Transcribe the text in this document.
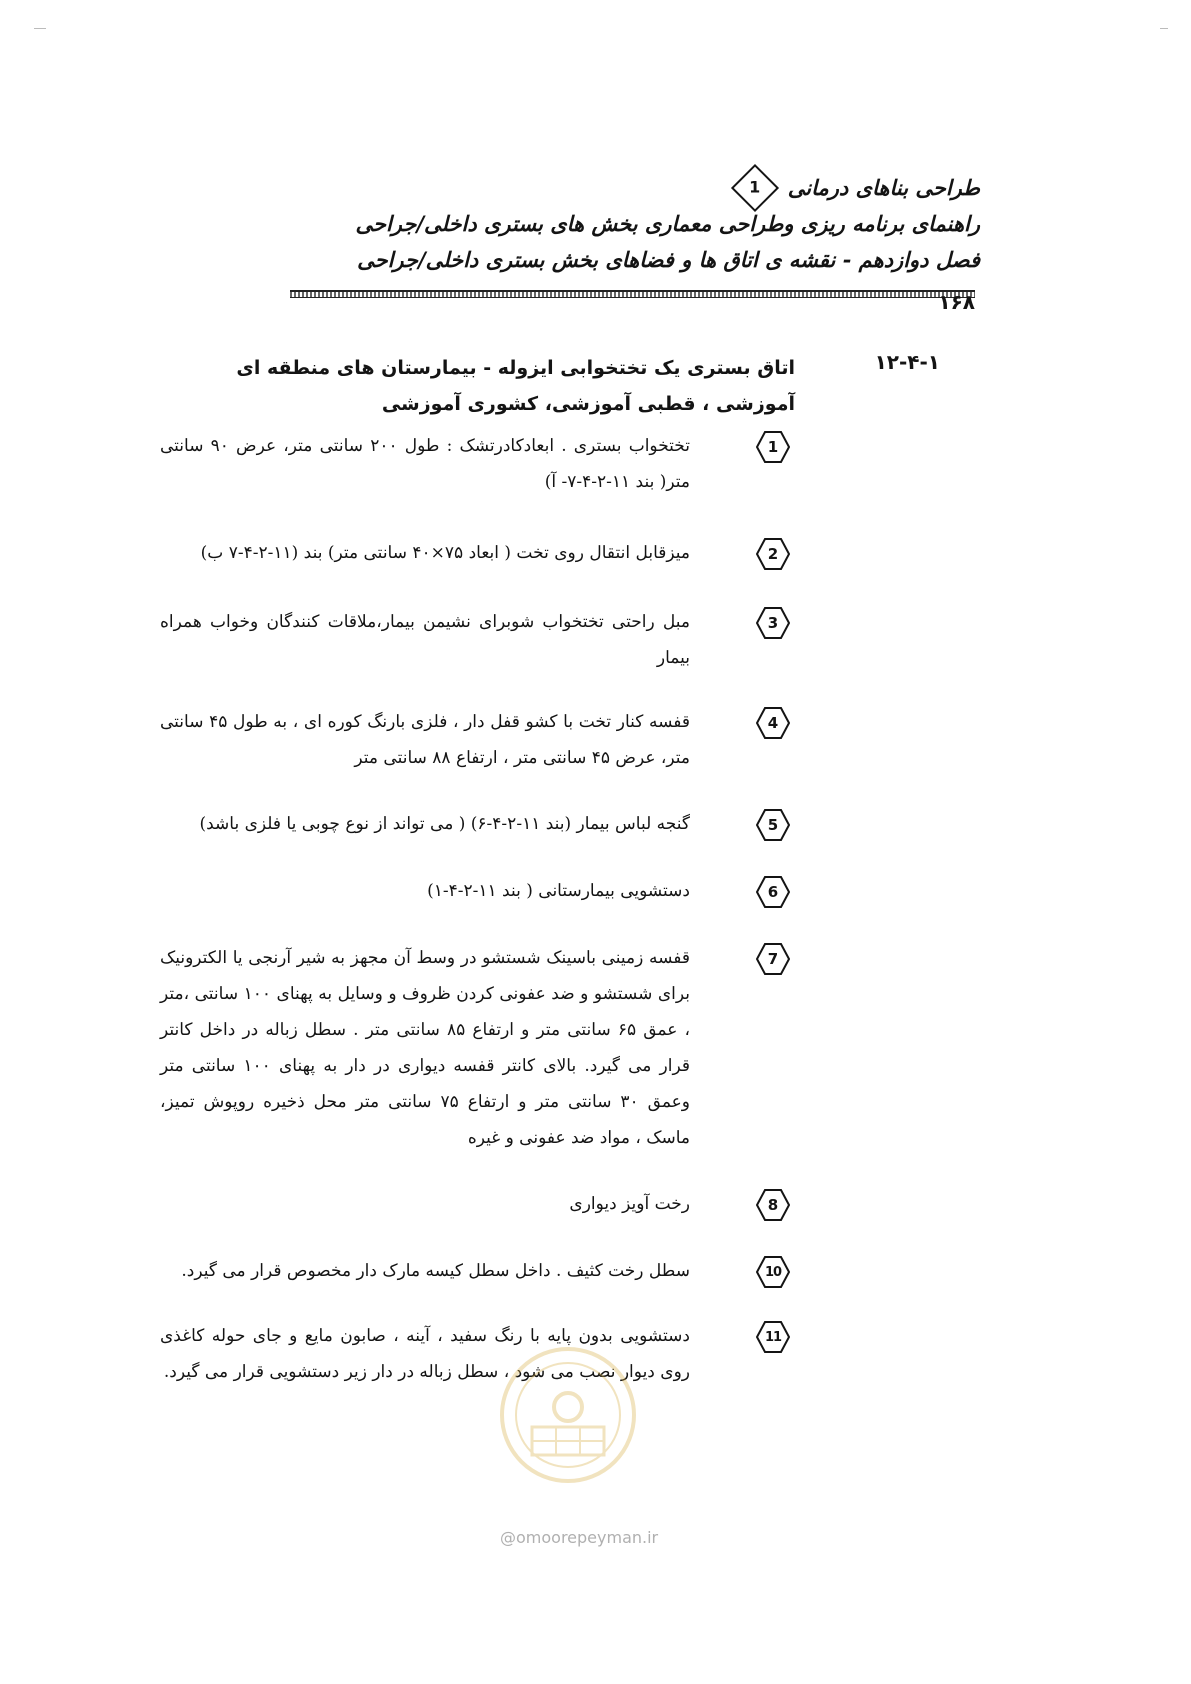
طراحی بناهای درمانی
1
راهنمای برنامه ریزی وطراحی معماری بخش های بستری داخلی/جراحی
فصل دوازدهم - نقشه ی اتاق ها و فضاهای بخش بستری داخلی/جراحی
۱۶۸
۱۲-۴-۱
اتاق بستری یک تختخوابی ایزوله - بیمارستان های منطقه ای آموزشی ، قطبی آموزشی، کشوری آموزشی
1
تختخواب بستری . ابعادکادرتشک : طول ۲۰۰ سانتی متر، عرض ۹۰ سانتی متر( بند ۱۱-۲-۴-۷- آ)
2
میزقابل انتقال روی تخت ( ابعاد ۷۵×۴۰ سانتی متر) بند (۱۱-۲-۴-۷ ب)
3
مبل راحتی تختخواب شوبرای نشیمن بیمار،ملاقات کنندگان وخواب همراه بیمار
4
قفسه کنار تخت با کشو قفل دار ، فلزی بارنگ کوره ای ، به طول ۴۵ سانتی متر، عرض ۴۵ سانتی متر ، ارتفاع ۸۸ سانتی متر
5
گنجه لباس بیمار (بند ۱۱-۲-۴-۶) ( می تواند از نوع چوبی یا فلزی باشد)
6
دستشویی بیمارستانی ( بند ۱۱-۲-۴-۱)
7
قفسه زمینی باسینک شستشو در وسط آن مجهز به شیر آرنجی یا الکترونیک برای شستشو و ضد عفونی کردن ظروف و وسایل به پهنای ۱۰۰ سانتی ،متر ، عمق ۶۵ سانتی متر و ارتفاع ۸۵ سانتی متر . سطل زباله در داخل کانتر قرار می گیرد. بالای کانتر قفسه دیواری در دار به پهنای ۱۰۰ سانتی متر وعمق ۳۰ سانتی متر و ارتفاع ۷۵ سانتی متر محل ذخیره روپوش تمیز، ماسک ، مواد ضد عفونی و غیره
8
رخت آویز دیواری
10
سطل رخت کثیف . داخل سطل کیسه مارک دار مخصوص قرار می گیرد.
11
دستشویی بدون پایه با رنگ سفید ، آینه ، صابون مایع و جای حوله کاغذی روی دیوار نصب می شود ، سطل زباله در دار زیر دستشویی قرار می گیرد.
@omoorepeyman.ir
